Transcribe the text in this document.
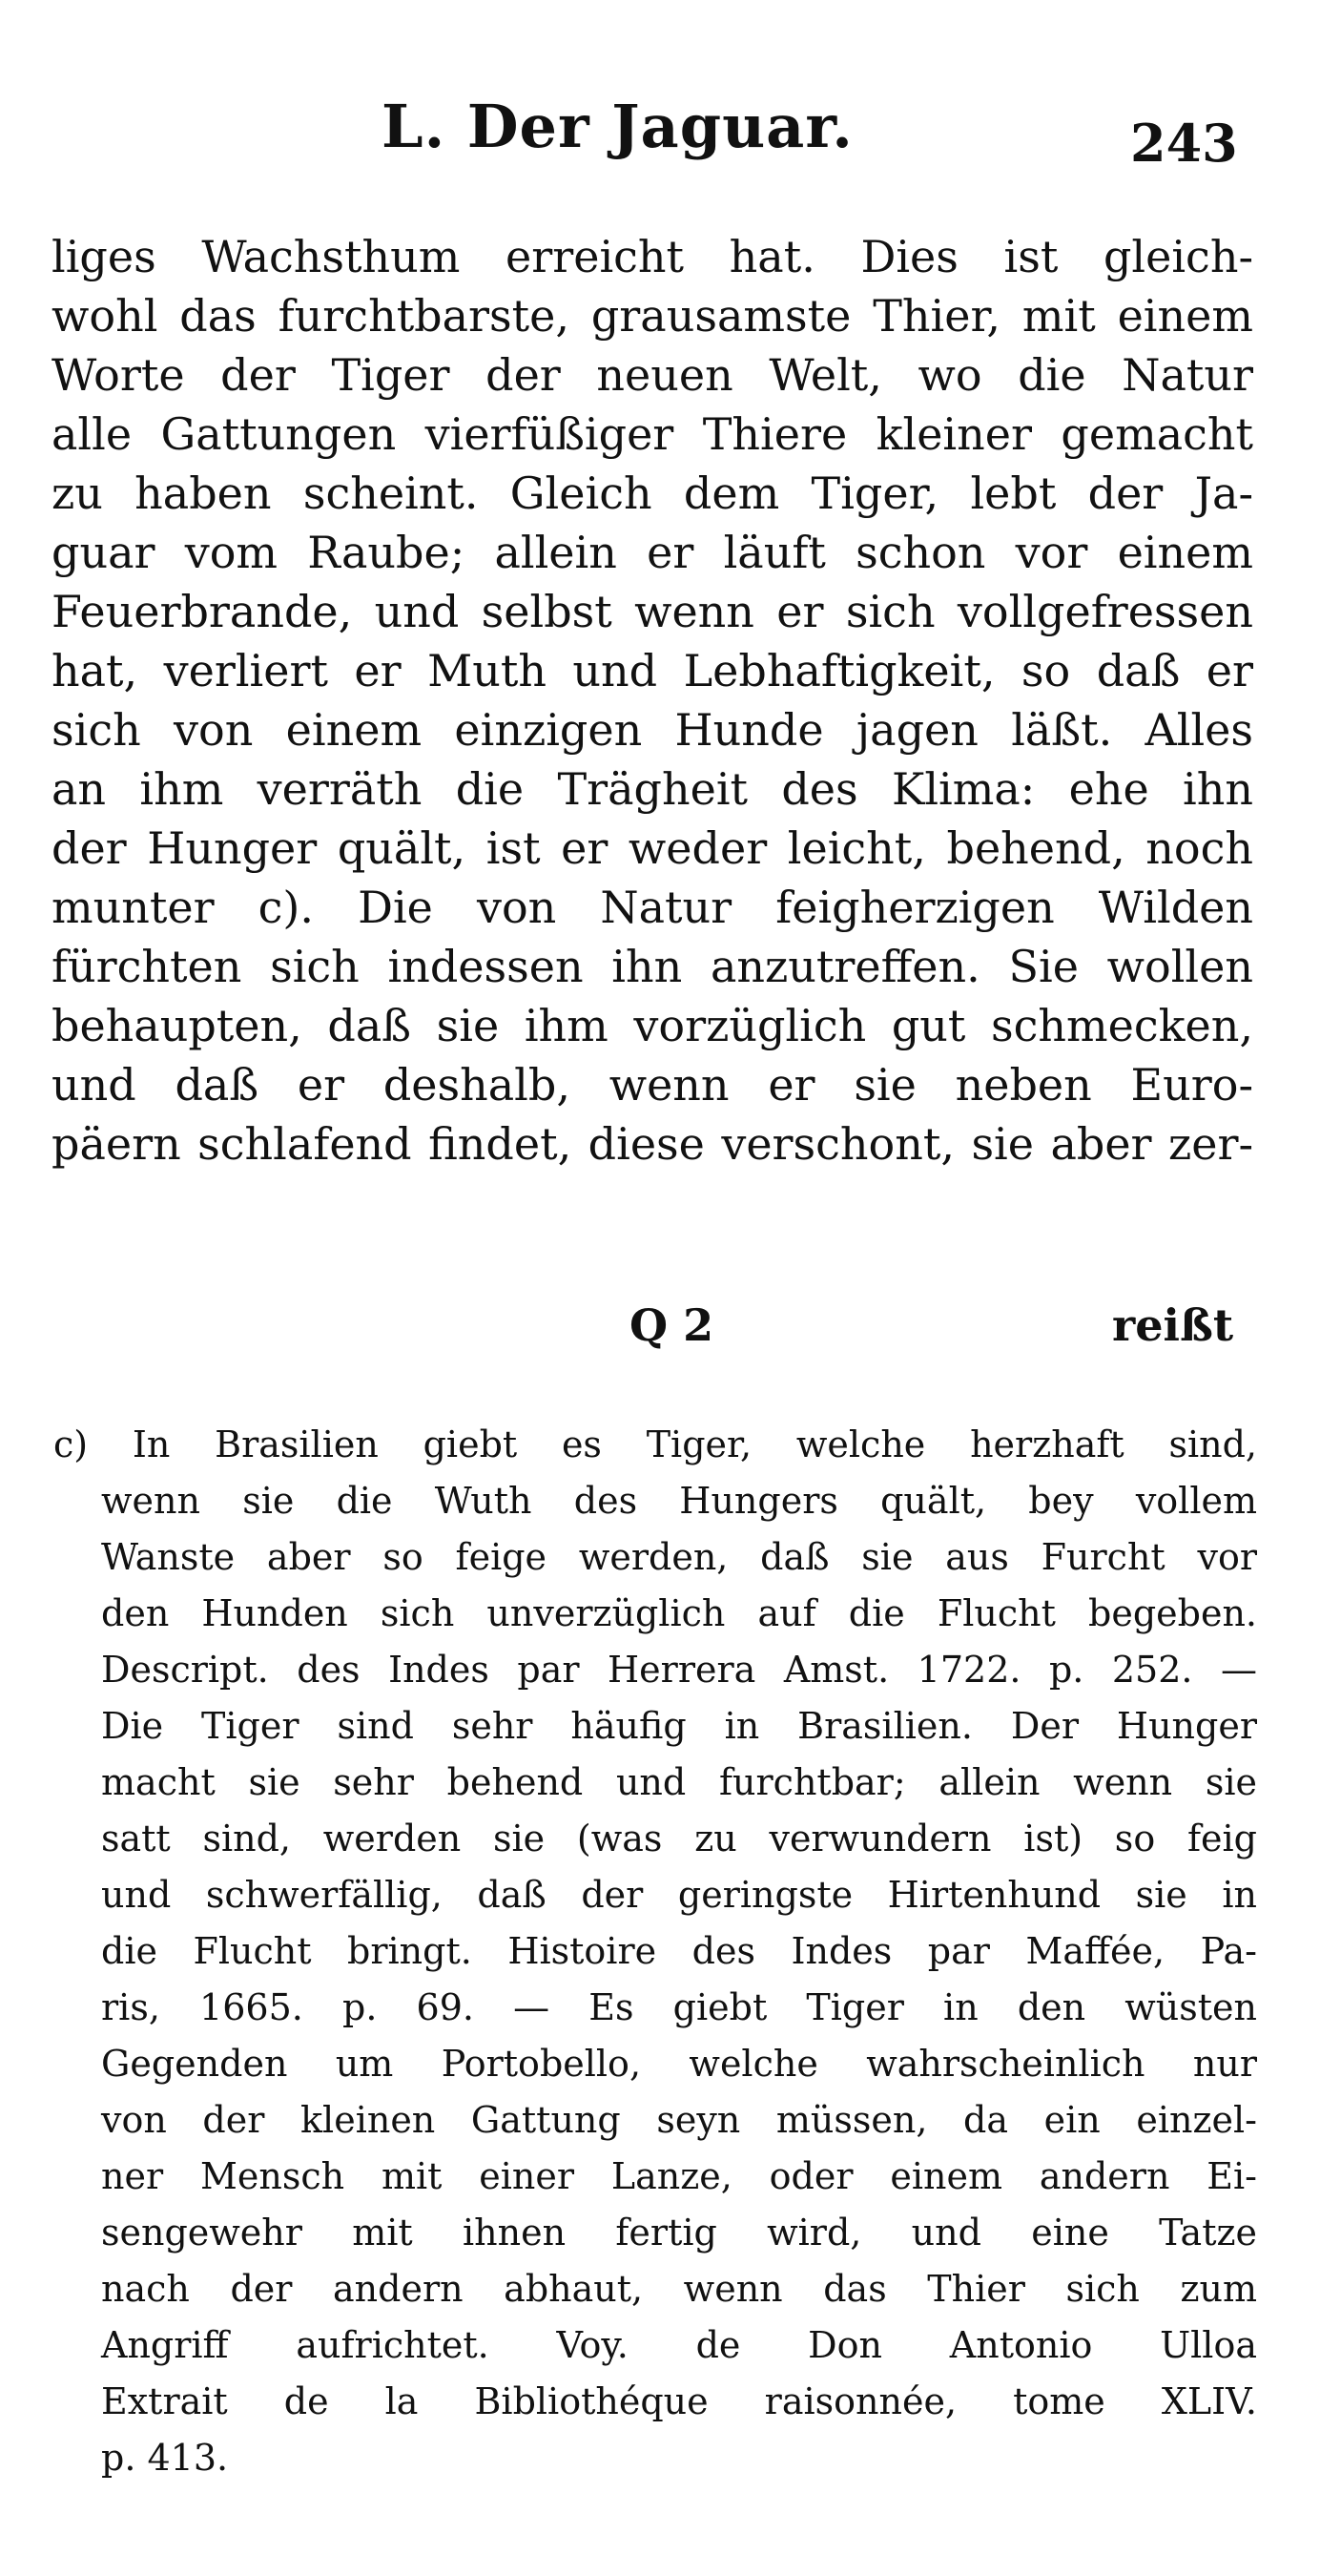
L. Der Jaguar.	243
liges Wachsthum erreicht hat. Dies ist gleich-
wohl das furchtbarste, grausamste Thier, mit einem
Worte der Tiger der neuen Welt, wo die Natur
alle Gattungen vierfüßiger Thiere kleiner gemacht
zu haben scheint. Gleich dem Tiger, lebt der Ja-
guar vom Raube; allein er läuft schon vor einem
Feuerbrande, und selbst wenn er sich vollgefressen
hat, verliert er Muth und Lebhaftigkeit, so daß er
sich von einem einzigen Hunde jagen läßt. Alles
an ihm verräth die Trägheit des Klima: ehe ihn
der Hunger quält, ist er weder leicht, behend, noch
munter c). Die von Natur feigherzigen Wilden
fürchten sich indessen ihn anzutreffen. Sie wollen
behaupten, daß sie ihm vorzüglich gut schmecken,
und daß er deshalb, wenn er sie neben Euro-
päern schlafend findet, diese verschont, sie aber zer-
Q 2	reißt
c) In Brasilien giebt es Tiger, welche herzhaft sind,
wenn sie die Wuth des Hungers quält, bey vollem
Wanste aber so feige werden, daß sie aus Furcht vor
den Hunden sich unverzüglich auf die Flucht begeben.
Descript. des Indes par Herrera Amst. 1722. p. 252. —
Die Tiger sind sehr häufig in Brasilien. Der Hunger
macht sie sehr behend und furchtbar; allein wenn sie
satt sind, werden sie (was zu verwundern ist) so feig
und schwerfällig, daß der geringste Hirtenhund sie in
die Flucht bringt. Histoire des Indes par Maffée, Pa-
ris, 1665. p. 69. — Es giebt Tiger in den wüsten
Gegenden um Portobello, welche wahrscheinlich nur
von der kleinen Gattung seyn müssen, da ein einzel-
ner Mensch mit einer Lanze, oder einem andern Ei-
sengewehr mit ihnen fertig wird, und eine Tatze
nach der andern abhaut, wenn das Thier sich zum
Angriff aufrichtet. Voy. de Don Antonio Ulloa
Extrait de la Bibliothéque raisonnée, tome XLIV.
p. 413.
